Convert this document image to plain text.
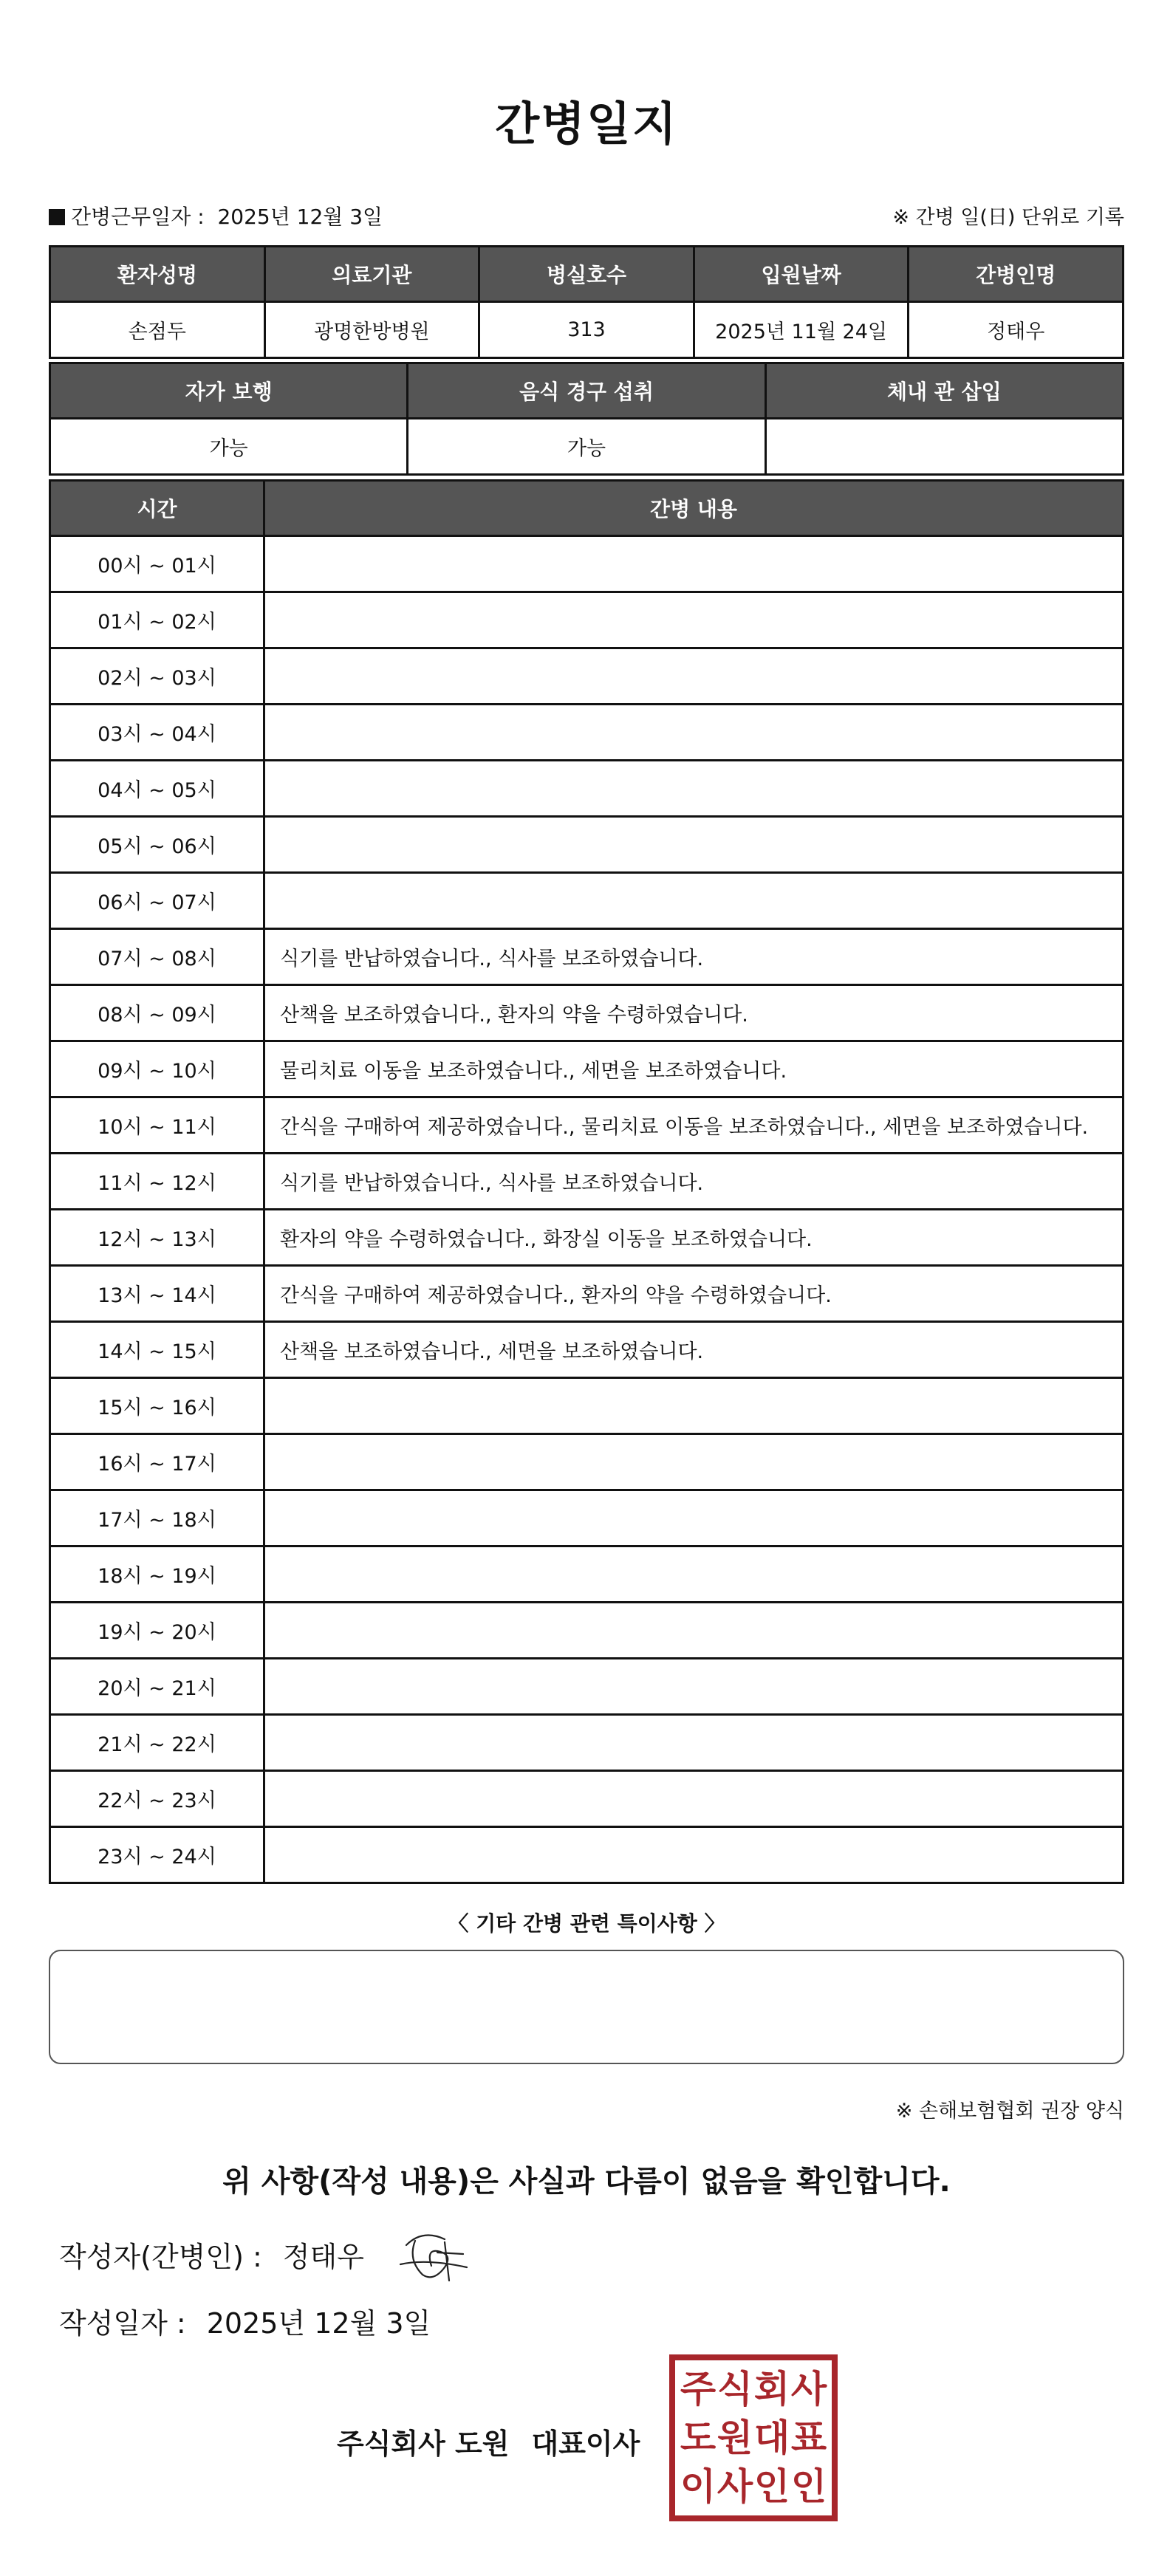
간병일지
간병근무일자 : 2025년 12월 3일	※ 간병 일(日) 단위로 기록
환자성명	의료기관	병실호수	입원날짜	간병인명
손점두	광명한방병원	313	2025년 11월 24일	정태우
자가 보행	음식 경구 섭취	체내 관 삽입
가능	가능	
시간	간병 내용
00시 ~ 01시	
01시 ~ 02시	
02시 ~ 03시	
03시 ~ 04시	
04시 ~ 05시	
05시 ~ 06시	
06시 ~ 07시	
07시 ~ 08시	식기를 반납하였습니다., 식사를 보조하였습니다.
08시 ~ 09시	산책을 보조하였습니다., 환자의 약을 수령하였습니다.
09시 ~ 10시	물리치료 이동을 보조하였습니다., 세면을 보조하였습니다.
10시 ~ 11시	간식을 구매하여 제공하였습니다., 물리치료 이동을 보조하였습니다., 세면을 보조하였습니다.
11시 ~ 12시	식기를 반납하였습니다., 식사를 보조하였습니다.
12시 ~ 13시	환자의 약을 수령하였습니다., 화장실 이동을 보조하였습니다.
13시 ~ 14시	간식을 구매하여 제공하였습니다., 환자의 약을 수령하였습니다.
14시 ~ 15시	산책을 보조하였습니다., 세면을 보조하였습니다.
15시 ~ 16시	
16시 ~ 17시	
17시 ~ 18시	
18시 ~ 19시	
19시 ~ 20시	
20시 ~ 21시	
21시 ~ 22시	
22시 ~ 23시	
23시 ~ 24시	
〈 기타 간병 관련 특이사항 〉
※ 손해보험협회 권장 양식
위 사항(작성 내용)은 사실과 다름이 없음을 확인합니다.
작성자(간병인) : 정태우
작성일자 : 2025년 12월 3일
주식회사 도원 대표이사
주 식 회 사
도 원 대 표
이 사 인 인
